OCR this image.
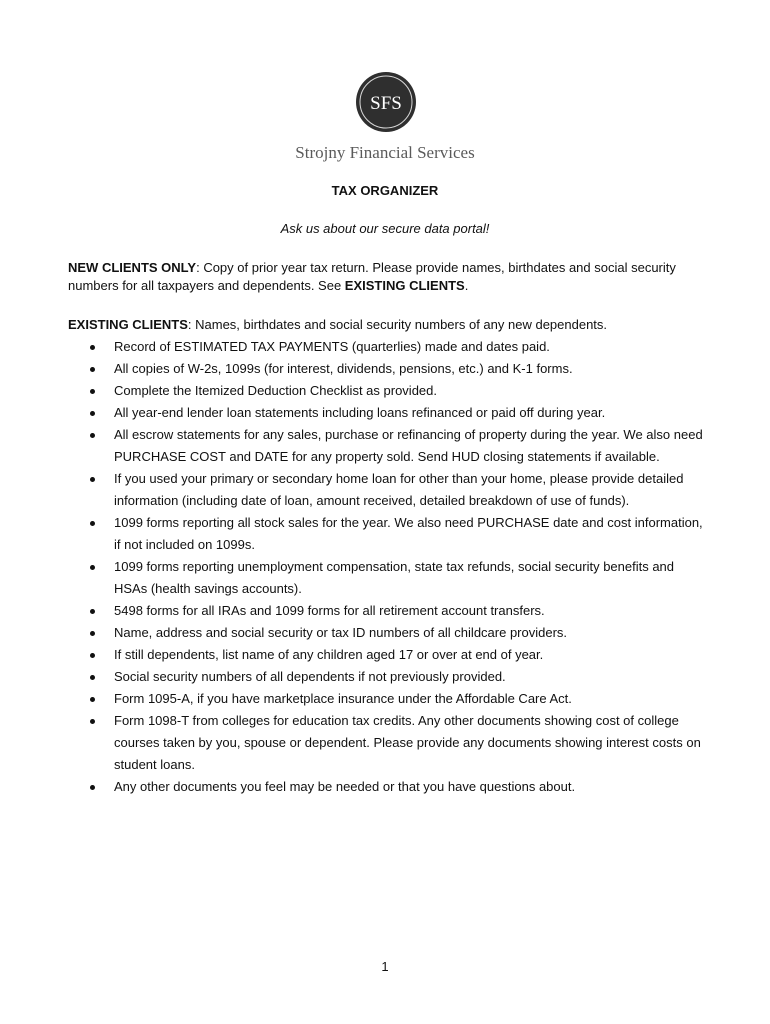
SFS
Strojny Financial Services
TAX ORGANIZER
Ask us about our secure data portal!
NEW CLIENTS ONLY: Copy of prior year tax return. Please provide names, birthdates and social security numbers for all taxpayers and dependents. See EXISTING CLIENTS.
EXISTING CLIENTS: Names, birthdates and social security numbers of any new dependents.
Record of ESTIMATED TAX PAYMENTS (quarterlies) made and dates paid.
All copies of W-2s, 1099s (for interest, dividends, pensions, etc.) and K-1 forms.
Complete the Itemized Deduction Checklist as provided.
All year-end lender loan statements including loans refinanced or paid off during year.
All escrow statements for any sales, purchase or refinancing of property during the year. We also need PURCHASE COST and DATE for any property sold. Send HUD closing statements if available.
If you used your primary or secondary home loan for other than your home, please provide detailed information (including date of loan, amount received, detailed breakdown of use of funds).
1099 forms reporting all stock sales for the year. We also need PURCHASE date and cost information, if not included on 1099s.
1099 forms reporting unemployment compensation, state tax refunds, social security benefits and HSAs (health savings accounts).
5498 forms for all IRAs and 1099 forms for all retirement account transfers.
Name, address and social security or tax ID numbers of all childcare providers.
If still dependents, list name of any children aged 17 or over at end of year.
Social security numbers of all dependents if not previously provided.
Form 1095-A, if you have marketplace insurance under the Affordable Care Act.
Form 1098-T from colleges for education tax credits. Any other documents showing cost of college courses taken by you, spouse or dependent. Please provide any documents showing interest costs on student loans.
Any other documents you feel may be needed or that you have questions about.
1
